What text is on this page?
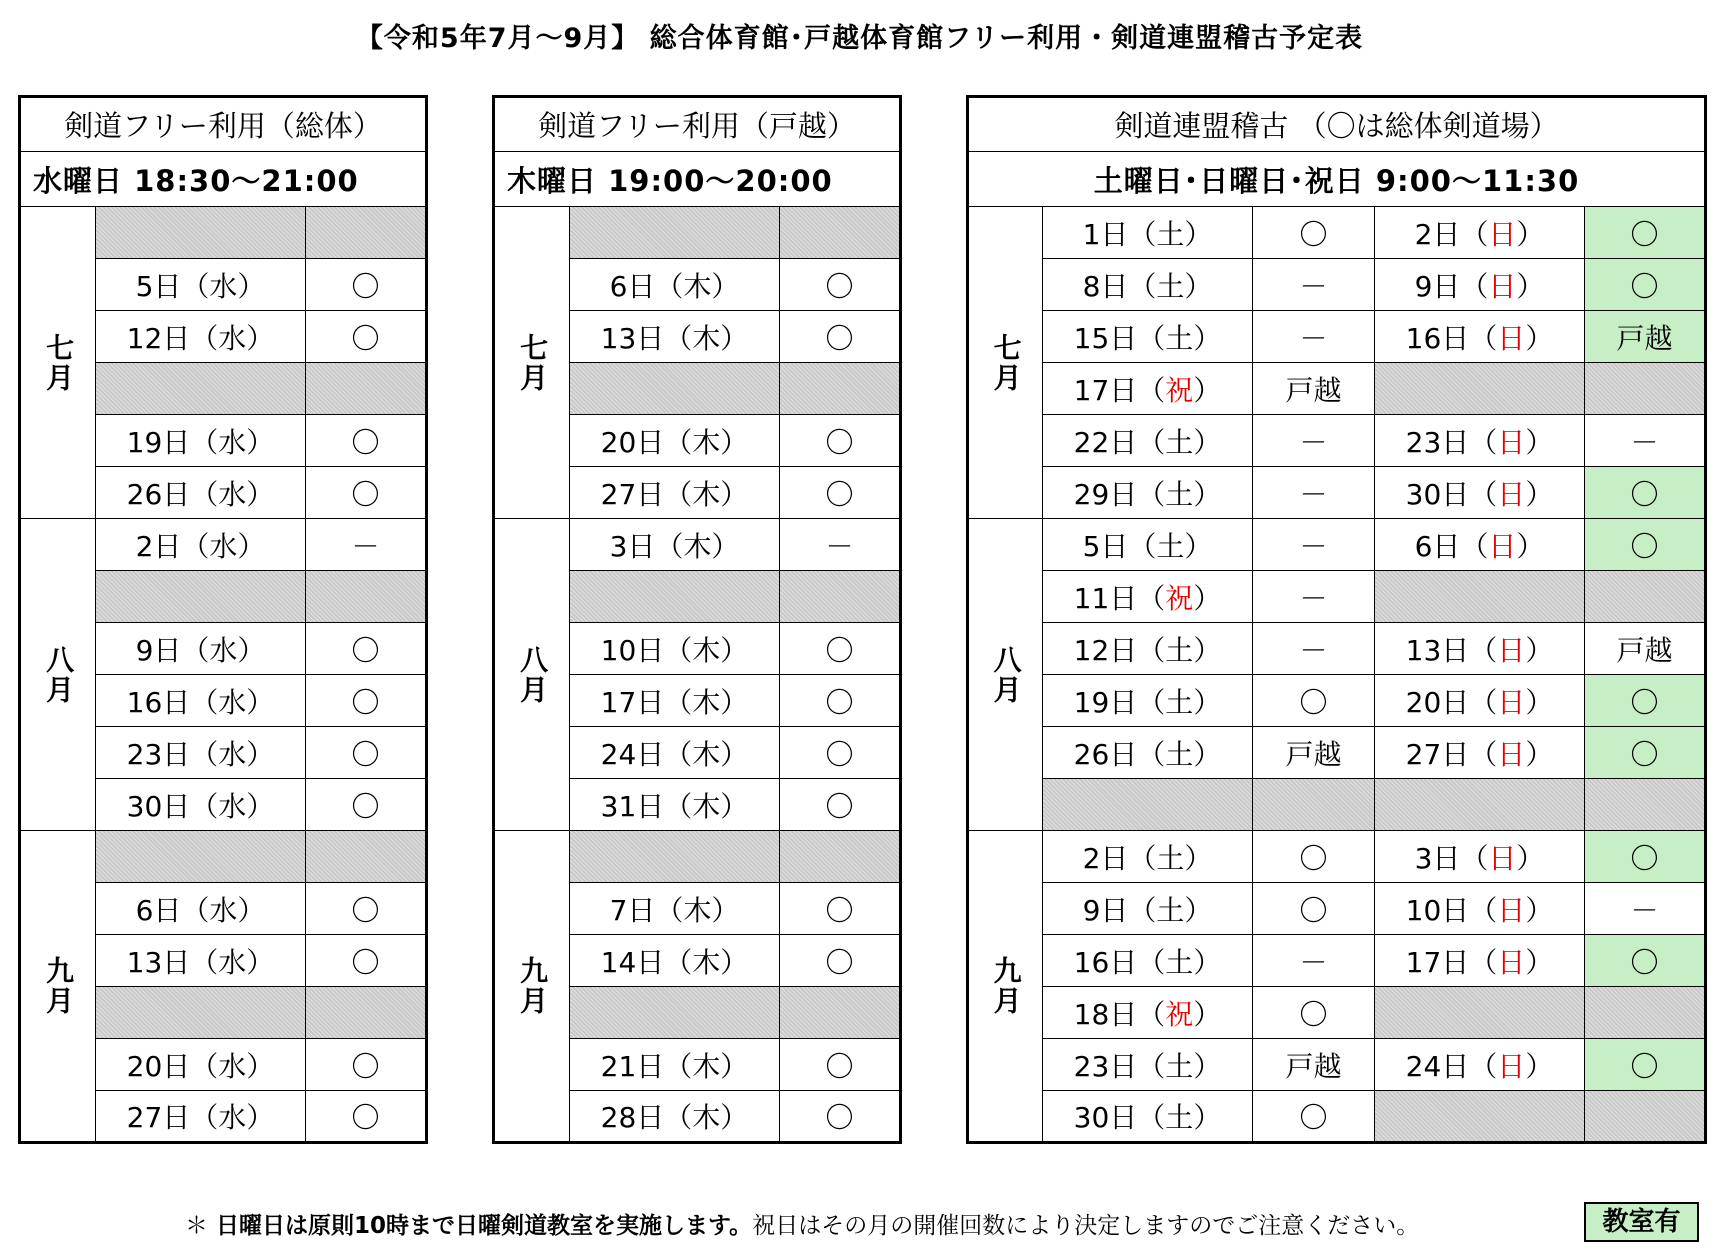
【令和5年7月～9月】 総合体育館･戸越体育館フリー利用・剣道連盟稽古予定表
剣道フリー利用（総体）		
水曜日 18:30～21:00		
七月		
	5日（水）	〇
	12日（水）	〇

	19日（水）	〇
	26日（水）	〇
八月	2日（水）	－

	9日（水）	〇
	16日（水）	〇
	23日（水）	〇
	30日（水）	〇
九月		
	6日（水）	〇
	13日（水）	〇

	20日（水）	〇
	27日（水）	〇
剣道フリー利用（戸越）		
木曜日 19:00～20:00		
七月		
	6日（木）	〇
	13日（木）	〇

	20日（木）	〇
	27日（木）	〇
八月	3日（木）	－

	10日（木）	〇
	17日（木）	〇
	24日（木）	〇
	31日（木）	〇
九月		
	7日（木）	〇
	14日（木）	〇

	21日（木）	〇
	28日（木）	〇
剣道連盟稽古 （〇は総体剣道場）				
土曜日･日曜日･祝日 9:00～11:30				
七月	1日（土）	〇	2日（日）	〇
	8日（土）	－	9日（日）	〇
	15日（土）	－	16日（日）	戸越
	17日（祝）	戸越		
	22日（土）	－	23日（日）	－
	29日（土）	－	30日（日）	〇
八月	5日（土）	－	6日（日）	〇
	11日（祝）	－		
	12日（土）	－	13日（日）	戸越
	19日（土）	〇	20日（日）	〇
	26日（土）	戸越	27日（日）	〇

九月	2日（土）	〇	3日（日）	〇
	9日（土）	〇	10日（日）	－
	16日（土）	－	17日（日）	〇
	18日（祝）	〇		
	23日（土）	戸越	24日（日）	〇
	30日（土）	〇		
＊ 日曜日は原則10時まで日曜剣道教室を実施します。祝日はその月の開催回数により決定しますのでご注意ください。	教室有
